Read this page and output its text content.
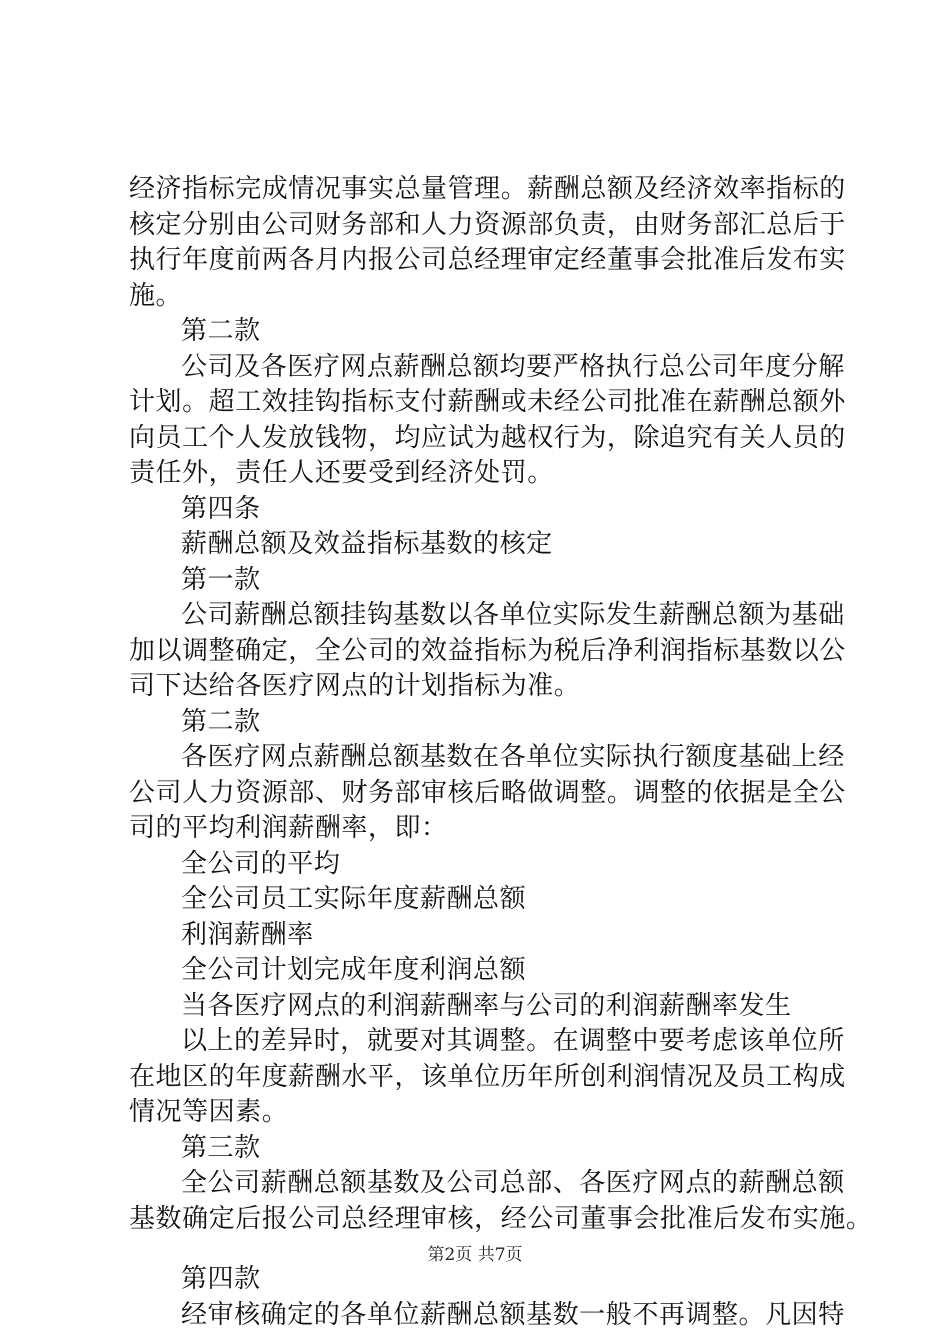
经济指标完成情况事实总量管理。薪酬总额及经济效率指标的
核定分别由公司财务部和人力资源部负责，由财务部汇总后于
执行年度前两各月内报公司总经理审定经董事会批准后发布实
施。
第二款
公司及各医疗网点薪酬总额均要严格执行总公司年度分解
计划。超工效挂钩指标支付薪酬或未经公司批准在薪酬总额外
向员工个人发放钱物，均应试为越权行为，除追究有关人员的
责任外，责任人还要受到经济处罚。
第四条
薪酬总额及效益指标基数的核定
第一款
公司薪酬总额挂钩基数以各单位实际发生薪酬总额为基础
加以调整确定，全公司的效益指标为税后净利润指标基数以公
司下达给各医疗网点的计划指标为准。
第二款
各医疗网点薪酬总额基数在各单位实际执行额度基础上经
公司人力资源部、财务部审核后略做调整。调整的依据是全公
司的平均利润薪酬率，即：
全公司的平均
全公司员工实际年度薪酬总额
利润薪酬率
全公司计划完成年度利润总额
当各医疗网点的利润薪酬率与公司的利润薪酬率发生
以上的差异时，就要对其调整。在调整中要考虑该单位所
在地区的年度薪酬水平，该单位历年所创利润情况及员工构成
情况等因素。
第三款
全公司薪酬总额基数及公司总部、各医疗网点的薪酬总额
基数确定后报公司总经理审核，经公司董事会批准后发布实施。
第四款
经审核确定的各单位薪酬总额基数一般不再调整。凡因特
第2页 共7页
